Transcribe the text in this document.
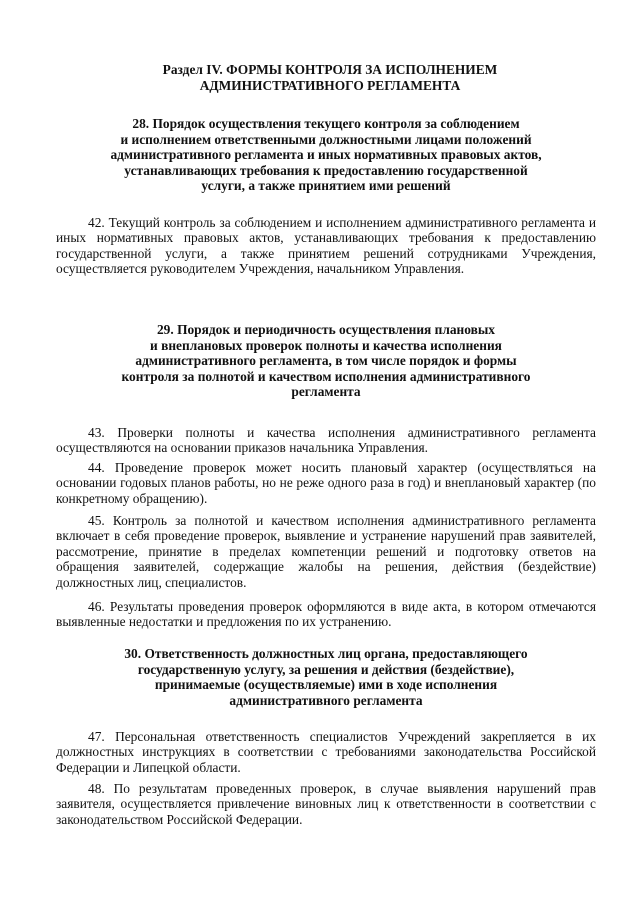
Раздел IV. ФОРМЫ КОНТРОЛЯ ЗА ИСПОЛНЕНИЕМ
АДМИНИСТРАТИВНОГО РЕГЛАМЕНТА
28. Порядок осуществления текущего контроля за соблюдением
и исполнением ответственными должностными лицами положений
административного регламента и иных нормативных правовых актов,
устанавливающих требования к предоставлению государственной
услуги, а также принятием ими решений
42. Текущий контроль за соблюдением и исполнением административного регламента и иных нормативных правовых актов, устанавливающих требования к предоставлению государственной услуги, а также принятием решений сотрудниками Учреждения, осуществляется руководителем Учреждения, начальником Управления.
29. Порядок и периодичность осуществления плановых
и внеплановых проверок полноты и качества исполнения
административного регламента, в том числе порядок и формы
контроля за полнотой и качеством исполнения административного
регламента
43. Проверки полноты и качества исполнения административного регламента осуществляются на основании приказов начальника Управления.
44. Проведение проверок может носить плановый характер (осуществляться на основании годовых планов работы, но не реже одного раза в год) и внеплановый характер (по конкретному обращению).
45. Контроль за полнотой и качеством исполнения административного регламента включает в себя проведение проверок, выявление и устранение нарушений прав заявителей, рассмотрение, принятие в пределах компетенции решений и подготовку ответов на обращения заявителей, содержащие жалобы на решения, действия (бездействие) должностных лиц, специалистов.
46. Результаты проведения проверок оформляются в виде акта, в котором отмечаются выявленные недостатки и предложения по их устранению.
30. Ответственность должностных лиц органа, предоставляющего
государственную услугу, за решения и действия (бездействие),
принимаемые (осуществляемые) ими в ходе исполнения
административного регламента
47. Персональная ответственность специалистов Учреждений закрепляется в их должностных инструкциях в соответствии с требованиями законодательства Российской Федерации и Липецкой области.
48. По результатам проведенных проверок, в случае выявления нарушений прав заявителя, осуществляется привлечение виновных лиц к ответственности в соответствии с законодательством Российской Федерации.
